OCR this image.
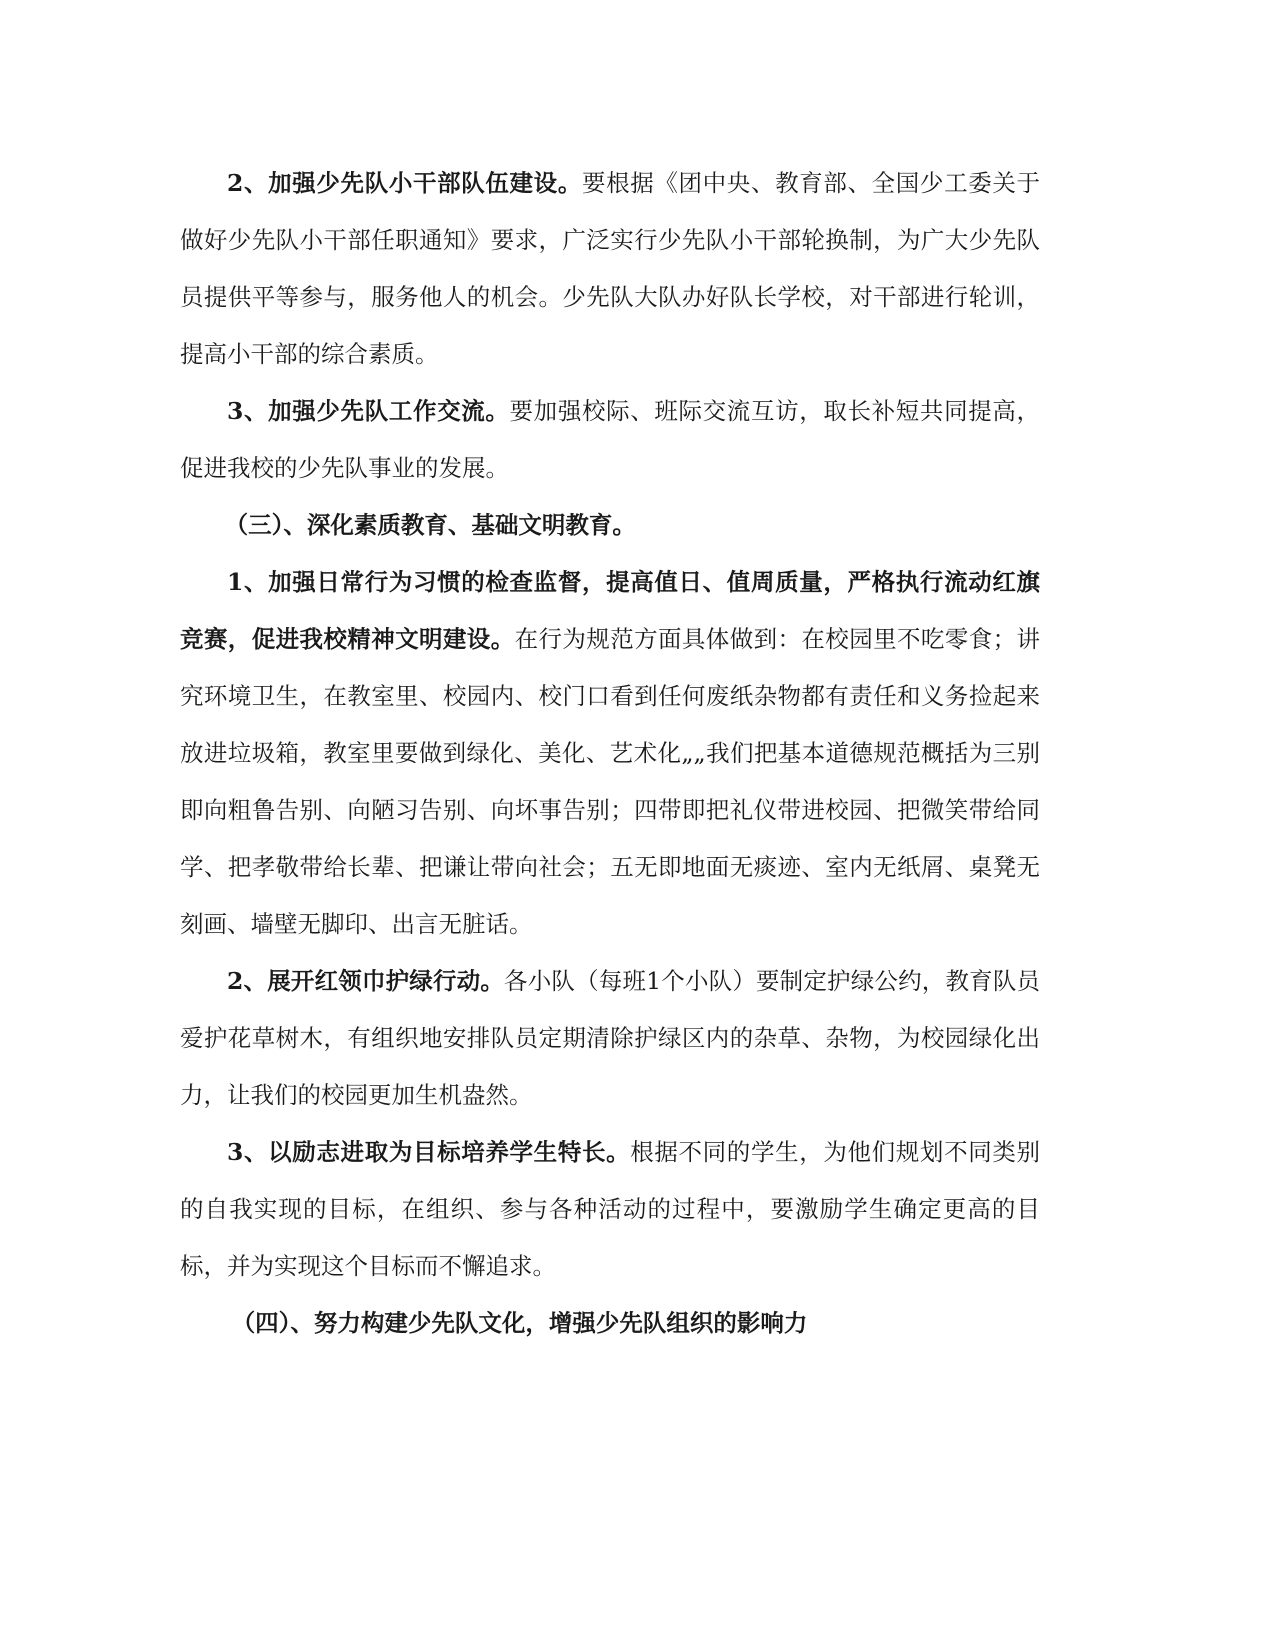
2、加强少先队小干部队伍建设。要根据《团中央、教育部、全国少工委关于做好少先队小干部任职通知》要求，广泛实行少先队小干部轮换制，为广大少先队员提供平等参与，服务他人的机会。少先队大队办好队长学校，对干部进行轮训，提高小干部的综合素质。

3、加强少先队工作交流。要加强校际、班际交流互访，取长补短共同提高，促进我校的少先队事业的发展。

（三）、深化素质教育、基础文明教育。

1、加强日常行为习惯的检查监督，提高值日、值周质量，严格执行流动红旗竞赛，促进我校精神文明建设。在行为规范方面具体做到：在校园里不吃零食；讲究环境卫生，在教室里、校园内、校门口看到任何废纸杂物都有责任和义务捡起来放进垃圾箱，教室里要做到绿化、美化、艺术化„„我们把基本道德规范概括为三别即向粗鲁告别、向陋习告别、向坏事告别；四带即把礼仪带进校园、把微笑带给同学、把孝敬带给长辈、把谦让带向社会；五无即地面无痰迹、室内无纸屑、桌凳无刻画、墙壁无脚印、出言无脏话。

2、展开红领巾护绿行动。各小队（每班1个小队）要制定护绿公约，教育队员爱护花草树木，有组织地安排队员定期清除护绿区内的杂草、杂物，为校园绿化出力，让我们的校园更加生机盎然。

3、以励志进取为目标培养学生特长。根据不同的学生，为他们规划不同类别的自我实现的目标，在组织、参与各种活动的过程中，要激励学生确定更高的目标，并为实现这个目标而不懈追求。

（四）、努力构建少先队文化，增强少先队组织的影响力
